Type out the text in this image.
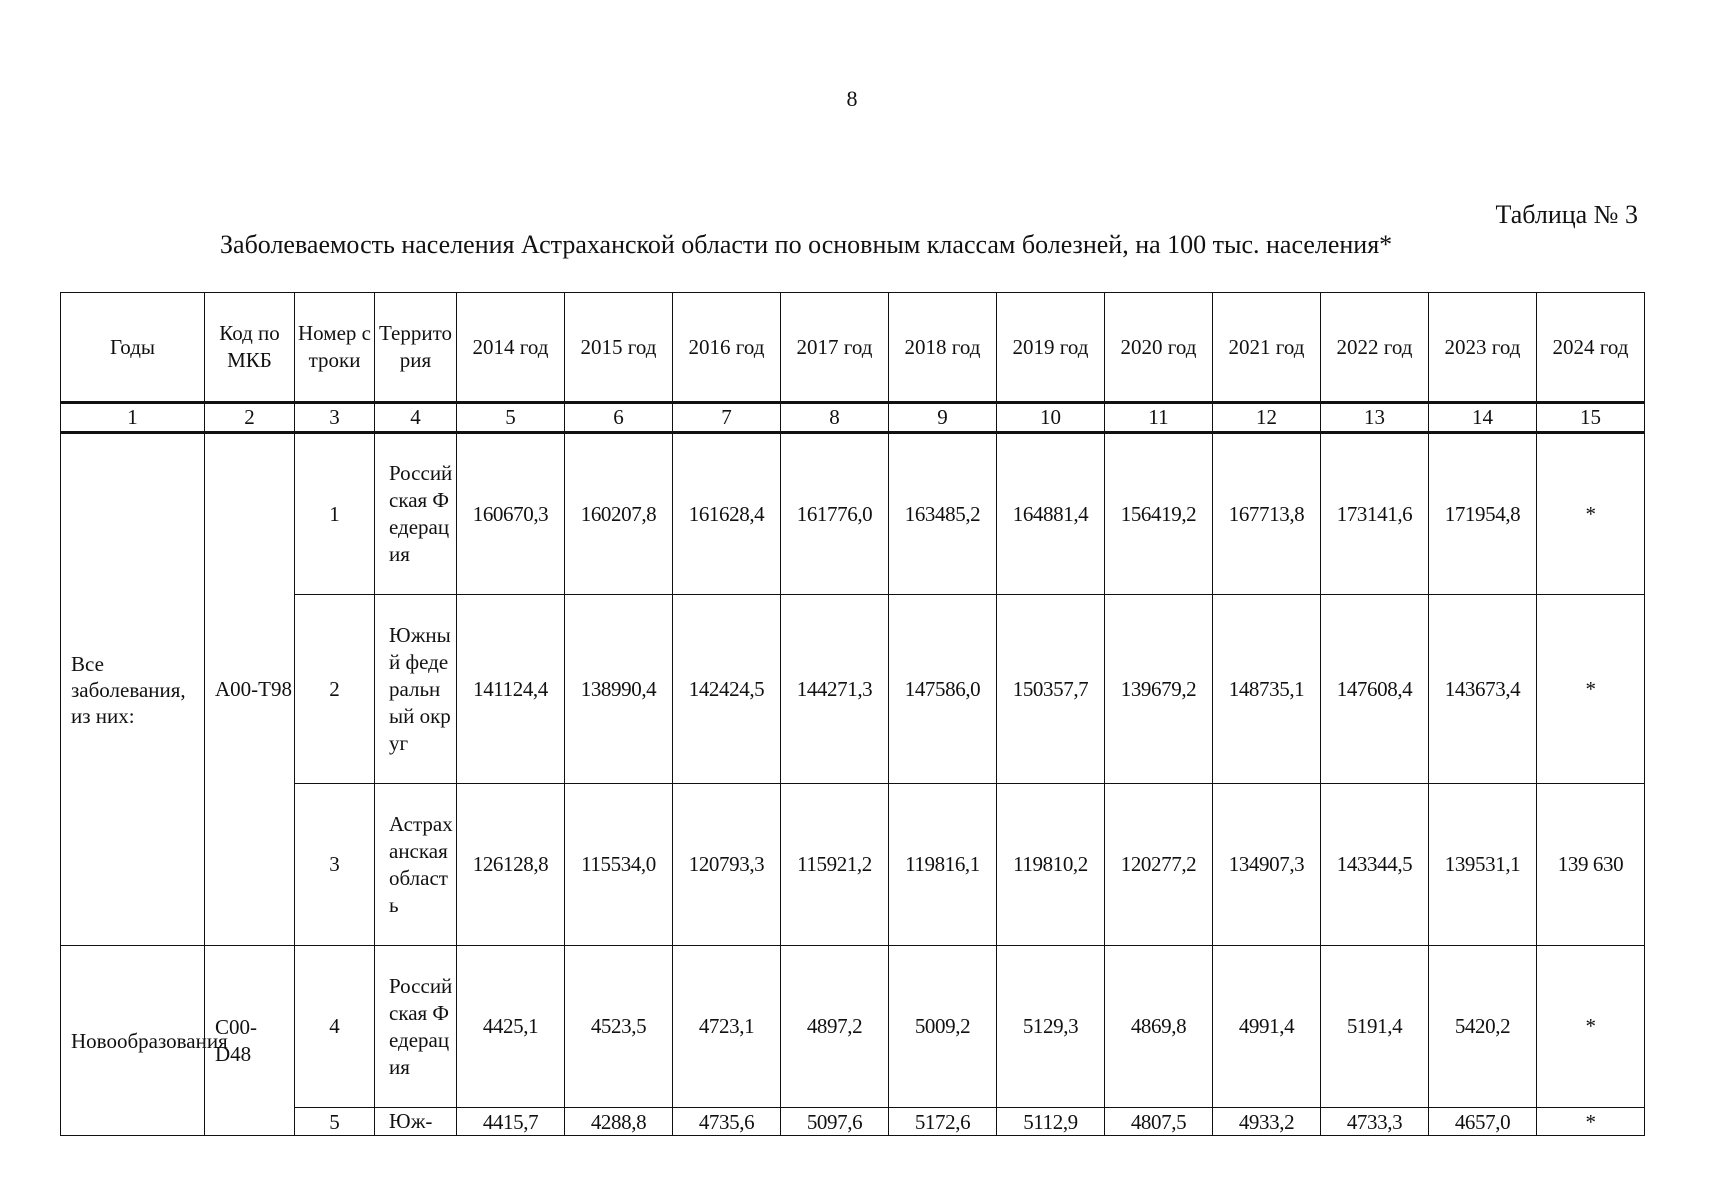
8
Таблица № 3
Заболеваемость населения Астраханской области по основным классам болезней, на 100 тыс. населения*
Годы	Код по МКБ	Номер строки	Территория	2014 год	2015 год	2016 год	2017 год	2018 год	2019 год	2020 год	2021 год	2022 год	2023 год	2024 год
1	2	3	4	5	6	7	8	9	10	11	12	13	14	15
Все заболевания, из них:	A00-T98	1	Российская Федерация	160670,3	160207,8	161628,4	161776,0	163485,2	164881,4	156419,2	167713,8	173141,6	171954,8	*
		2	Южный федеральный округ	141124,4	138990,4	142424,5	144271,3	147586,0	150357,7	139679,2	148735,1	147608,4	143673,4	*
		3	Астраханская область	126128,8	115534,0	120793,3	115921,2	119816,1	119810,2	120277,2	134907,3	143344,5	139531,1	139 630
Новообразования	C00-D48	4	Российская Федерация	4425,1	4523,5	4723,1	4897,2	5009,2	5129,3	4869,8	4991,4	5191,4	5420,2	*
		5	Юж-	4415,7	4288,8	4735,6	5097,6	5172,6	5112,9	4807,5	4933,2	4733,3	4657,0	*
